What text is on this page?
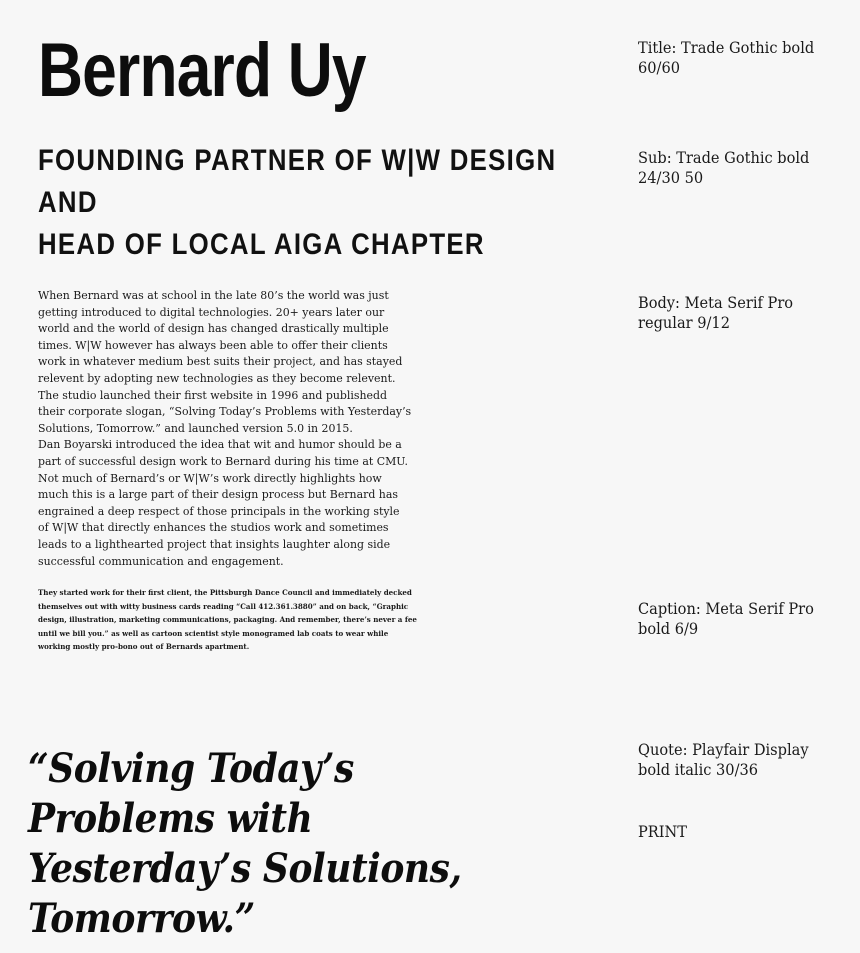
Bernard Uy
FOUNDING PARTNER OF W|W DESIGN AND
HEAD OF LOCAL AIGA CHAPTER

When Bernard was at school in the late 80’s the world was just getting introduced to digital technologies. 20+ years later our world and the world of design has changed drastically multiple times. W|W however has always been able to offer their clients work in whatever medium best suits their project, and has stayed relevent by adopting new technologies as they become relevent. The studio launched their first website in 1996 and publishedd their corporate slogan, “Solving Today’s Problems with Yesterday’s Solutions, Tomorrow.” and launched version 5.0 in 2015.

Dan Boyarski introduced the idea that wit and humor should be a part of successful design work to Bernard during his time at CMU. Not much of Bernard’s or W|W’s work directly highlights how much this is a large part of their design process but Bernard has engrained a deep respect of those principals in the working style of W|W that directly enhances the studios work and sometimes leads to a lighthearted project that insights laughter along side successful communication and engagement.

They started work for their first client, the Pittsburgh Dance Council and immediately decked themselves out with witty business cards reading “Call 412.361.3880” and on back, “Graphic design, illustration, marketing communications, packaging. And remember, there’s never a fee until we bill you.” as well as cartoon scientist style monogramed lab coats to wear while working mostly pro-bono out of Bernards apartment.

“Solving Today’s Problems with Yesterday’s Solutions, Tomorrow.”

Title: Trade Gothic bold 60/60

Sub: Trade Gothic bold 24/30 50

Body: Meta Serif Pro regular 9/12

Caption: Meta Serif Pro bold 6/9

Quote: Playfair Display bold italic 30/36

PRINT
